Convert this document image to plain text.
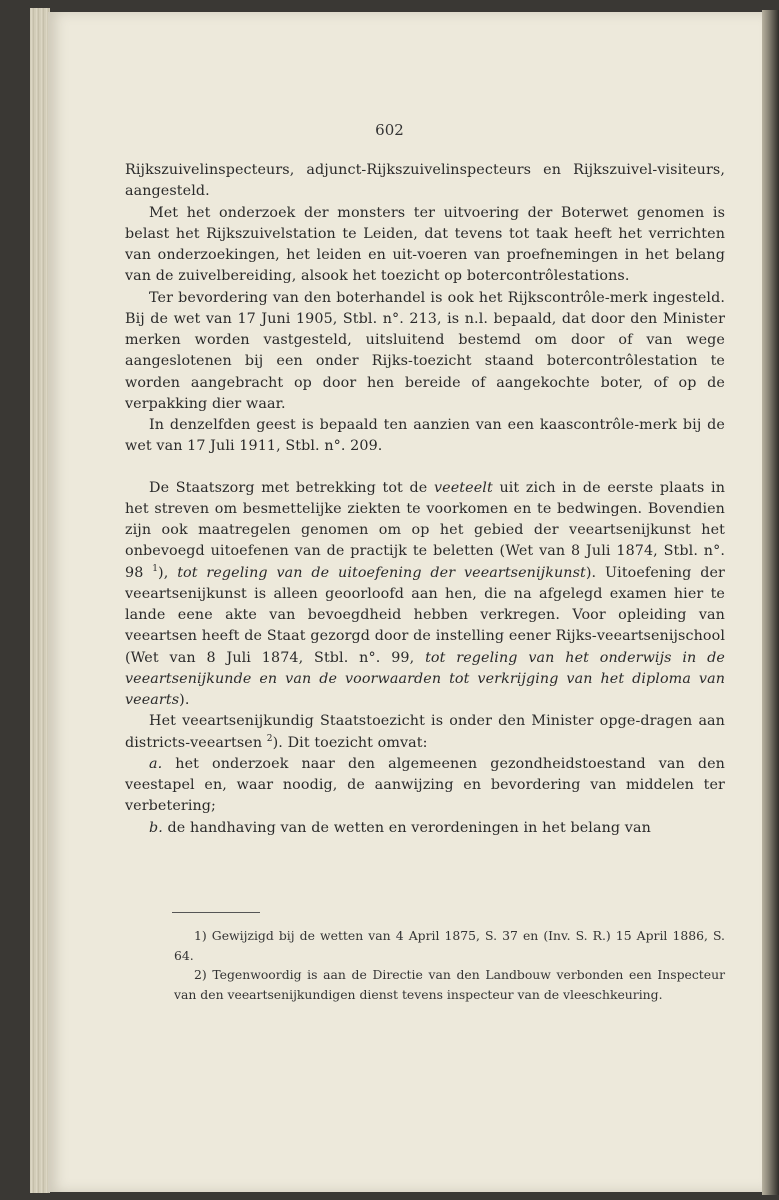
602

Rijkszuivelinspecteurs, adjunct-Rijkszuivelinspecteurs en Rijkszuivel-visiteurs, aangesteld.

Met het onderzoek der monsters ter uitvoering der Boterwet genomen is belast het Rijkszuivelstation te Leiden, dat tevens tot taak heeft het verrichten van onderzoekingen, het leiden en uit-voeren van proefnemingen in het belang van de zuivelbereiding, alsook het toezicht op botercontrôlestations.

Ter bevordering van den boterhandel is ook het Rijkscontrôle-merk ingesteld. Bij de wet van 17 Juni 1905, Stbl. n°. 213, is n.l. bepaald, dat door den Minister merken worden vastgesteld, uitsluitend bestemd om door of van wege aangeslotenen bij een onder Rijks-toezicht staand botercontrôlestation te worden aangebracht op door hen bereide of aangekochte boter, of op de verpakking dier waar.

In denzelfden geest is bepaald ten aanzien van een kaascontrôle-merk bij de wet van 17 Juli 1911, Stbl. n°. 209.

De Staatszorg met betrekking tot de veeteelt uit zich in de eerste plaats in het streven om besmettelijke ziekten te voorkomen en te bedwingen. Bovendien zijn ook maatregelen genomen om op het gebied der veeartsenijkunst het onbevoegd uitoefenen van de practijk te beletten (Wet van 8 Juli 1874, Stbl. n°. 98 $^1$), tot regeling van de uitoefening der veeartsenijkunst). Uitoefening der veeartsenijkunst is alleen geoorloofd aan hen, die na afgelegd examen hier te lande eene akte van bevoegdheid hebben verkregen. Voor opleiding van veeartsen heeft de Staat gezorgd door de instelling eener Rijks-veeartsenijschool (Wet van 8 Juli 1874, Stbl. n°. 99, tot regeling van het onderwijs in de veeartsenijkunde en van de voorwaarden tot verkrijging van het diploma van veearts).

Het veeartsenijkundig Staatstoezicht is onder den Minister opge-dragen aan districts-veeartsen $^2$). Dit toezicht omvat:

a. het onderzoek naar den algemeenen gezondheidstoestand van den veestapel en, waar noodig, de aanwijzing en bevordering van middelen ter verbetering;

b. de handhaving van de wetten en verordeningen in het belang van

1) Gewijzigd bij de wetten van 4 April 1875, S. 37 en (Inv. S. R.) 15 April 1886, S. 64.

2) Tegenwoordig is aan de Directie van den Landbouw verbonden een Inspecteur van den veeartsenijkundigen dienst tevens inspecteur van de vleeschkeuring.
